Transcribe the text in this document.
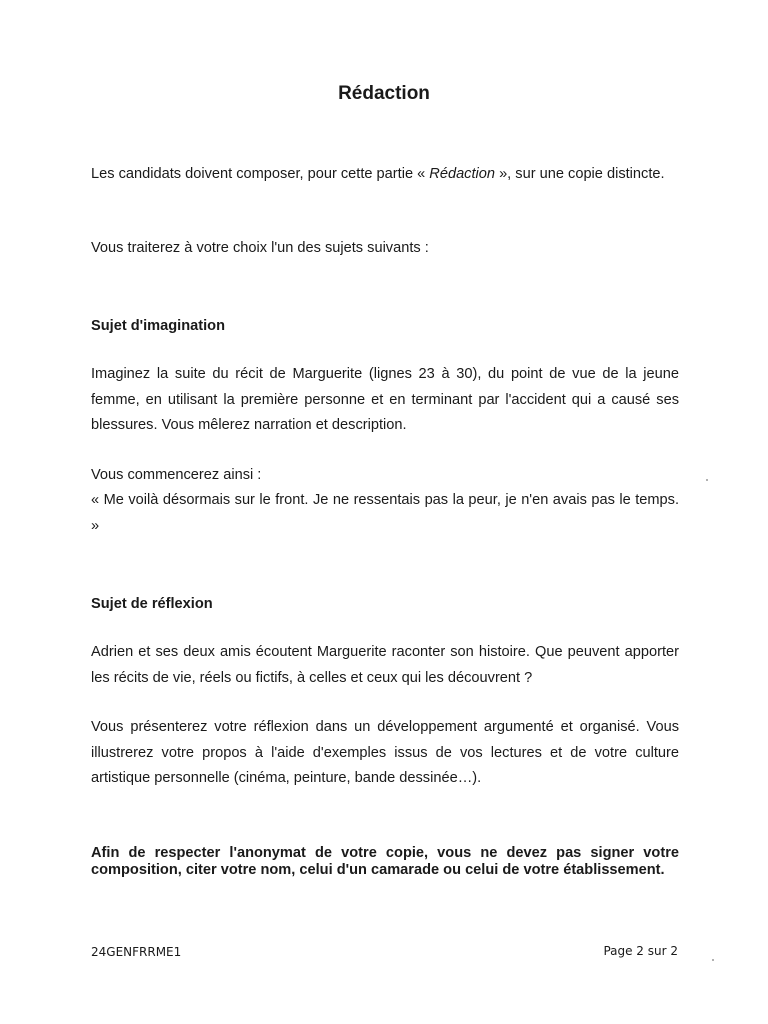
Rédaction
Les candidats doivent composer, pour cette partie « Rédaction », sur une copie distincte.
Vous traiterez à votre choix l'un des sujets suivants :
Sujet d'imagination
Imaginez la suite du récit de Marguerite (lignes 23 à 30), du point de vue de la jeune femme, en utilisant la première personne et en terminant par l'accident qui a causé ses blessures. Vous mêlerez narration et description.
Vous commencerez ainsi :
« Me voilà désormais sur le front. Je ne ressentais pas la peur, je n'en avais pas le temps. »
Sujet de réflexion
Adrien et ses deux amis écoutent Marguerite raconter son histoire. Que peuvent apporter les récits de vie, réels ou fictifs, à celles et ceux qui les découvrent ?
Vous présenterez votre réflexion dans un développement argumenté et organisé. Vous illustrerez votre propos à l'aide d'exemples issus de vos lectures et de votre culture artistique personnelle (cinéma, peinture, bande dessinée…).
Afin de respecter l'anonymat de votre copie, vous ne devez pas signer votre composition, citer votre nom, celui d'un camarade ou celui de votre établissement.
24GENFRRME1	Page 2 sur 2
